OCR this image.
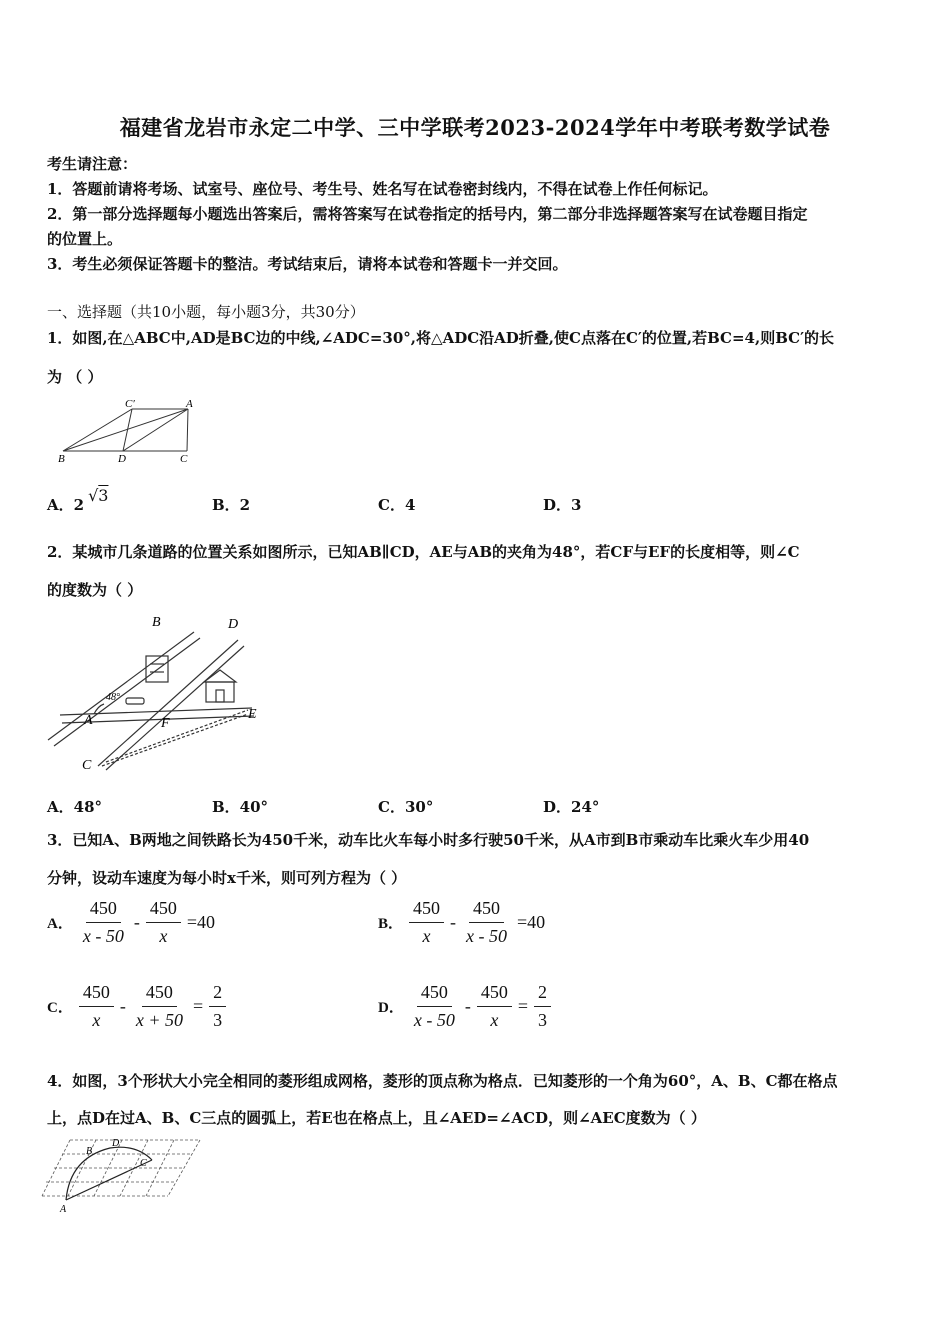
福建省龙岩市永定二中学、三中学联考2023-2024学年中考联考数学试卷
考生请注意：
1．答题前请将考场、试室号、座位号、考生号、姓名写在试卷密封线内，不得在试卷上作任何标记。
2．第一部分选择题每小题选出答案后，需将答案写在试卷指定的括号内，第二部分非选择题答案写在试卷题目指定
的位置上。
3．考生必须保证答题卡的整洁。考试结束后，请将本试卷和答题卡一并交回。
一、选择题（共10小题，每小题3分，共30分）
1．如图,在△ABC中,AD是BC边的中线,∠ADC=30°,将△ADC沿AD折叠,使C点落在C′的位置,若BC=4,则BC′的长
为 （ ）
B	D	C
C′	A
A．2 √3	B．2	C．4	D．3
2．某城市几条道路的位置关系如图所示，已知AB∥CD，AE与AB的夹角为48°，若CF与EF的长度相等，则∠C
的度数为（ ）
B	D
A	F
E
C
48°
A．48°	B．40°	C．30°	D．24°
3．已知A、B两地之间铁路长为450千米，动车比火车每小时多行驶50千米，从A市到B市乘动车比乘火车少用40
分钟，设动车速度为每小时x千米，则可列方程为（ ）
A． $\frac{450}{x - 50} - \frac{450}{x} =40$	B． $\frac{450}{x} - \frac{450}{x - 50} =40$
C． $\frac{450}{x} - \frac{450}{x + 50} = \frac{2}{3}$	D． $\frac{450}{x - 50} - \frac{450}{x} = \frac{2}{3}$
4．如图，3个形状大小完全相同的菱形组成网格，菱形的顶点称为格点．已知菱形的一个角为60°，A、B、C都在格点
上，点D在过A、B、C三点的圆弧上，若E也在格点上，且∠AED=∠ACD，则∠AEC度数为（ ）
A
B
D
C
